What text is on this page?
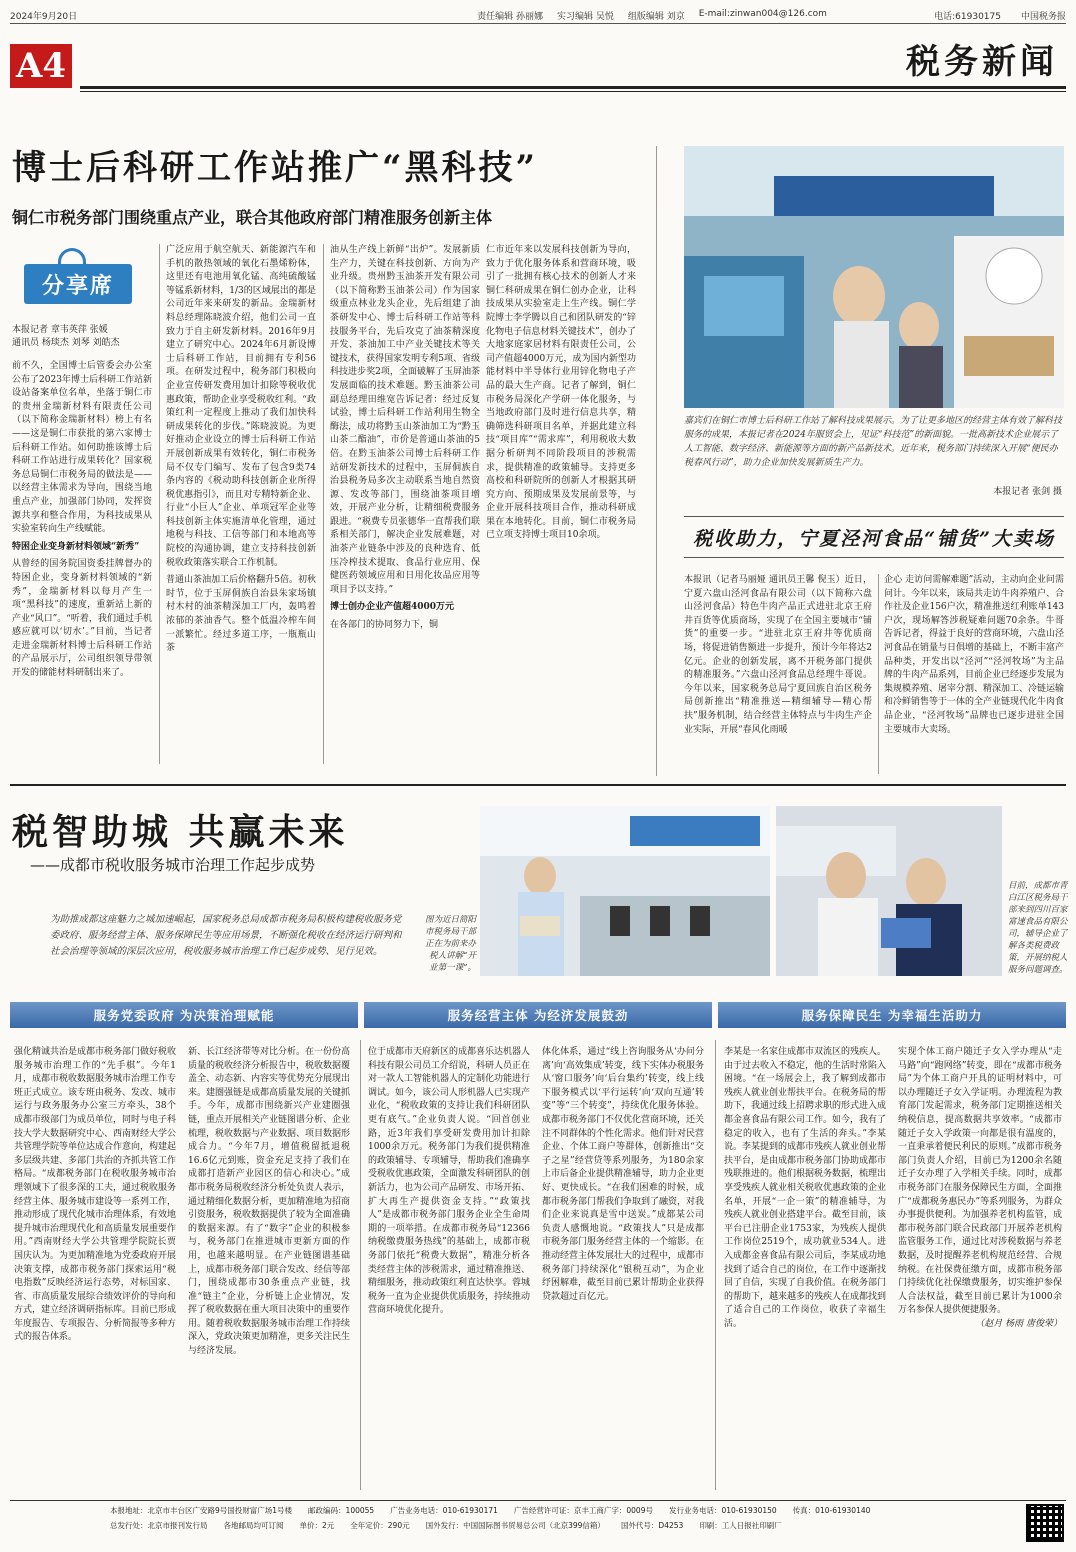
2024年9月20日	责任编辑 孙丽娜 实习编辑 吴悦 组版编辑 刘京 E-mail:zinwan004@126.com	电话:61930175 中国税务报
A4	税务新闻
博士后科研工作站推广“黑科技”
铜仁市税务部门围绕重点产业，联合其他政府部门精准服务创新主体
分享席
本报记者 章韦英萍 张媛
通讯员 杨琰杰 刘琴 刘皓杰

前不久，全国博士后管委会办公室公布了2023年博士后科研工作站新设站备案单位名单，坐落于铜仁市的贵州金瑞新材料有限责任公司（以下简称金瑞新材料）榜上有名——这是铜仁市获批的第六家博士后科研工作站。如何助推该博士后科研工作站进行成果转化？国家税务总局铜仁市税务局的做法是——以经营主体需求为导向，围绕当地重点产业，加强部门协同，发挥资源共享和整合作用，为科技成果从实验室转向生产线赋能。

特困企业变身新材料领域“新秀”

从曾经的国务院国资委挂牌督办的特困企业，变身新材料领域的“新秀”，金瑞新材料以每月产生一项“黑科技”的速度，重新站上新的产业“风口”。“听着，我们通过手机感应就可以‘切水’。”目前，当记者走进金瑞新材料博士后科研工作站的产品展示厅，公司组织领导带领开发的储能材料研制出来了。

广泛应用于航空航天、新能源汽车和手机的散热领域的氧化石墨烯粉体，这里还有电池用氧化锰、高纯硫酸锰等锰系新材料，1/3的区域展出的都是公司近年来来研发的新品。金瑞新材料总经理陈晓波介绍，他们公司一直致力于自主研发新材料。2016年9月建立了研究中心。2024年6月新设博士后科研工作站，目前拥有专利56项。在研发过程中，税务部门积极向企业宣传研发费用加计扣除等税收优惠政策，帮助企业享受税收红利。“政策红利一定程度上推动了我们加快科研成果转化的步伐。”陈晓波说。为更好推动企业设立的博士后科研工作站开展创新成果有效转化，铜仁市税务局不仅专门编写、发布了包含9类74条内容的《税动助科技创新企业所得税优惠指引》，而且对专精特新企业、行业“小巨人”企业、单项冠军企业等科技创新主体实施清单化管理，通过地税与科技、工信等部门和本地高等院校的沟通协调，建立支持科技创新税收政策落实联合工作机制。

普通山茶油加工后价格翻升5倍。初秋时节，位于玉屏侗族自治县朱家场镇村木村的油茶精深加工厂内，轰鸣着浓郁的茶油香气。整个低温冷榨车间一派繁忙。经过多道工序，一瓶瓶山茶

油从生产线上新鲜“出炉”。发展新质生产力，关键在科技创新、方向为产业升级。贵州黔玉油茶开发有限公司（以下简称黔玉油茶公司）作为国家级重点林业龙头企业，先后组建了油茶研发中心、博士后科研工作站等科技服务平台，先后攻克了油茶精深度开发、茶油加工中产业关键技术等关键技术，获得国家发明专利5项、省级科技进步奖2项，全面破解了玉屏油茶发展面临的技术难题。黔玉油茶公司副总经理田维宽告诉记者：经过反复试验，博士后科研工作站利用生物全酶法，成功将黔玉山茶油加工为“黔玉山茶二酯油”，市价是普通山茶油的5倍。在黔玉油茶公司博士后科研工作站研发新技术的过程中，玉屏侗族自治县税务局多次主动联系当地自然资源、发改等部门，围绕油茶项目增效，开展产业分析，让精细税费服务跟进。“税费专员张德华一直帮我们联系相关部门，解决企业发展难题，对油茶产业链条中涉及的良种选育、低压冷榨技术提取、食品行业应用、保健医药领域应用和日用化妆品应用等项目予以支持。”

博士创办企业产值超4000万元

在各部门的协同努力下，铜

仁市近年来以发展科技创新为导向，致力于优化服务体系和营商环境，吸引了一批拥有核心技术的创新人才来铜仁科研成果在铜仁创办企业，让科技成果从实验室走上生产线。铜仁学院博士李学腾以自己和团队研发的“锌化物电子信息材料关键技术”，创办了大地家庭家居材料有限责任公司，公司产值超4000万元，成为国内新型功能材料中半导体行业用锌化物电子产品的最大生产商。记者了解到，铜仁市税务局深化产学研一体化服务，与当地政府部门及时进行信息共享，精确筛选科研项目名单，并据此建立科技“项目库”“需求库”，利用税收大数据分析研判不同阶段项目的涉税需求，提供精准的政策辅导。支持更多高校和科研院所的创新人才根据其研究方向、预期成果及发展前景等，与企业开展科技项目合作，推动科研成果在本地转化。目前，铜仁市税务局已立项支持博士项目10余项。

嘉宾们在铜仁市博士后科研工作站了解科技成果展示。为了让更多地区的经营主体有效了解科技服务的成果，本报记者在2024年服贸会上，见证“科技范”的新面貌。一批高新技术企业展示了人工智能、数字经济、新能源等方面的新产品新技术。近年来，税务部门持续深入开展“便民办税春风行动”，助力企业加快发展新质生产力。
本报记者 张剑 摄
税收助力，宁夏泾河食品“铺货”大卖场

本报讯（记者马丽娅 通讯员王馨 倪玉）近日，宁夏六盘山泾河食品有限公司（以下简称六盘山泾河食品）特色牛肉产品正式进驻北京王府井百货等优质商场，实现了在全国主要城市“铺货”的重要一步。“进驻北京王府井等优质商场，将促进销售额进一步提升，预计今年将达2亿元。企业的创新发展，离不开税务部门提供的精准服务。”六盘山泾河食品总经理牛哥说。今年以来，国家税务总局宁夏回族自治区税务局创新推出“精准推送—精细辅导—精心帮扶”服务机制，结合经营主体特点与牛肉生产企业实际，开展“春风化雨暖

企心 走访问需解难题”活动，主动向企业问需问计。今年以来，该局共走访牛肉养殖户、合作社及企业156户次，精准推送红利账单143户次，现场解答涉税疑难问题70余条。牛哥告诉记者，得益于良好的营商环境，六盘山泾河食品在销量与日俱增的基础上，不断丰富产品种类，开发出以“泾河”“泾河牧场”为主品牌的牛肉产品系列，目前企业已经逐步发展为集规模养殖、屠宰分割、精深加工、冷链运输和冷鲜销售等于一体的全产业链现代化牛肉食品企业，“泾河牧场”品牌也已逐步进驻全国主要城市大卖场。

税智助城 共赢未来
——成都市税收服务城市治理工作起步成势
为助推成都这座魅力之城加速崛起，国家税务总局成都市税务局积极构建税收服务党委政府、服务经营主体、服务保障民生等应用场景，不断强化税收在经济运行研判和社会治理等领域的深层次应用，税收服务城市治理工作已起步成势、见行见效。
图为近日简阳市税务局干部正在为前来办税人讲解“开业第一课”。
目前，成都市青白江区税务局干部来到四川百家富速食品有限公司，辅导企业了解各类税费政策，开展纳税人服务问题调查。
服务党委政府 为决策治理赋能	服务经营主体 为经济发展鼓劲	服务保障民生 为幸福生活助力

强化精诚共治是成都市税务部门做好税收服务城市治理工作的“先手棋”。今年1月，成都市税收数据服务城市治理工作专班正式成立。该专班由税务、发改、城市运行与政务服务办公室三方牵头，38个成都市级部门为成员单位，同时与电子科技大学大数据研究中心、西南财经大学公共管理学院等单位达成合作意向，构建起多层级共建、多部门共治的齐抓共管工作格局。“成都税务部门在税收服务城市治理领域下了很多深的工夫，通过税收服务经营主体、服务城市建设等一系列工作，推动形成了现代化城市治理体系，有效地提升城市治理现代化和高质量发展重要作用。”西南财经大学公共管理学院院长贾国庆认为。为更加精准地为党委政府开展决策支撑，成都市税务部门探索运用“税电指数”反映经济运行态势，对标国家、省、市高质量发展综合绩效评价的导向和方式，建立经济调研指标库。目前已形成年度报告、专项报告、分析简报等多种方式的报告体系。

新、长江经济带等对比分析。在一份份高质量的税收经济分析报告中，税收数据覆盖全、动态新、内容实等优势充分展现出来。建圈强链是成都高质量发展的关键抓手。今年，成都市围绕新兴产业建圈强链，重点开展相关产业链图谱分析、企业梳理，税收数据与产业数据、项目数据形成合力。“今年7月，增值税留抵退税16.6亿元到账，资金充足支持了我们在成都打造新产业园区的信心和决心。”成都市税务局税收经济分析处负责人表示，通过精细化数据分析，更加精准地为招商引资服务，税收数据提供了较为全面准确的数据来源。有了“数字”企业的积极参与，税务部门在推进城市更新方面的作用，也越来越明显。在产业链图谱基础上，成都市税务部门联合发改、经信等部门，围绕成都市30条重点产业链，找准“链主”企业，分析链上企业情况，发挥了税收数据在重大项目决策中的重要作用。随着税收数据服务城市治理工作持续深入，党政决策更加精准，更多关注民生与经济发展。

位于成都市天府新区的成都喜乐达机器人科技有限公司员工介绍说，科研人员正在对一款人工智能机器人的定制化功能进行调试。如今，该公司人形机器人已实现产业化，“税收政策的支持让我们科研团队更有底气。”企业负责人说。“回首创业路，近3年我们享受研发费用加计扣除1000余万元。税务部门为我们提供精准的政策辅导、专项辅导，帮助我们准确享受税收优惠政策，全面激发科研团队的创新活力，也为公司产品研发、市场开拓、扩大再生产提供资金支持。”“政策找人”是成都市税务部门服务企业全生命周期的一项举措。在成都市税务局“12366纳税缴费服务热线”的基础上，成都市税务部门依托“税费大数据”，精准分析各类经营主体的涉税需求，通过精准推送、精细服务，推动政策红利直达快享。蓉城税务一直为企业提供优质服务，持续推动营商环境优化提升。

体化体系，通过“线上咨询服务从‘办问分离’向‘高效集成’转变，线下实体办税服务从‘窗口服务’向‘后台集约’转变，线上线下服务模式以‘平行运转’向‘双向互通’转变”等“三个转变”，持续优化服务体验。成都市税务部门不仅优化营商环境，还关注不同群体的个性化需求。他们针对民营企业、个体工商户等群体，创新推出“交子之星”经营贷等系列服务，为180余家上市后备企业提供精准辅导，助力企业更好、更快成长。“在我们困难的时候，成都市税务部门帮我们争取到了融资，对我们企业来说真是雪中送炭。”成都某公司负责人感慨地说。“政策找人”只是成都市税务部门服务经营主体的一个缩影。在推动经营主体发展壮大的过程中，成都市税务部门持续深化“银税互动”，为企业纾困解难，截至目前已累计帮助企业获得贷款超过百亿元。

李某是一名家住成都市双流区的残疾人。由于过去收入不稳定，他的生活时常陷入困境。“在一场展会上，我了解到成都市残疾人就业创业帮扶平台。在税务局的帮助下，我通过线上招聘求职的形式进入成都金喜食品有限公司工作。如今，我有了稳定的收入，也有了生活的奔头。”李某说。李某提到的成都市残疾人就业创业帮扶平台，是由成都市税务部门协助成都市残联推进的。他们根据税务数据，梳理出享受残疾人就业相关税收优惠政策的企业名单，开展“一企一策”的精准辅导，为残疾人就业创业搭建平台。截至目前，该平台已注册企业1753家，为残疾人提供工作岗位2519个，成功就业534人。进入成都金喜食品有限公司后，李某成功地找到了适合自己的岗位，在工作中逐渐找回了自信，实现了自我价值。在税务部门的帮助下，越来越多的残疾人在成都找到了适合自己的工作岗位，收获了幸福生活。

实现个体工商户随迁子女入学办理从“走马路”向“跑网络”转变，即在“成都市税务局”为个体工商户开具的证明材料中，可以办理随迁子女入学证明。办理流程为教育部门发起需求，税务部门定期推送相关纳税信息，提高数据共享效率。“成都市随迁子女入学政策一向都是很有温度的，一直秉承着便民利民的原则。”成都市税务部门负责人介绍，目前已为1200余名随迁子女办理了入学相关手续。同时，成都市税务部门在服务保障民生方面，全面推广“成都税务惠民办”等系列服务，为群众办事提供便利。为加强养老机构监管，成都市税务部门联合民政部门开展养老机构监管服务工作，通过比对涉税数据与养老数据，及时提醒养老机构规范经营、合规纳税。在社保费征缴方面，成都市税务部门持续优化社保缴费服务，切实维护参保人合法权益，截至目前已累计为1000余万名参保人提供便捷服务。

（赵月 杨雨 唐俊荣）

本报地址：北京市丰台区广安路9号国投财富广场1号楼 邮政编码：100055 广告业务电话：010-61930171 广告经营许可证：京丰工商广字：0009号 发行业务电话：010-61930150 传真：010-61930140
总发行处：北京市报刊发行局 各地邮局均可订阅 单价：2元 全年定价：290元 国外发行：中国国际图书贸易总公司（北京399信箱） 国外代号：D4253 印刷：工人日报社印刷厂
